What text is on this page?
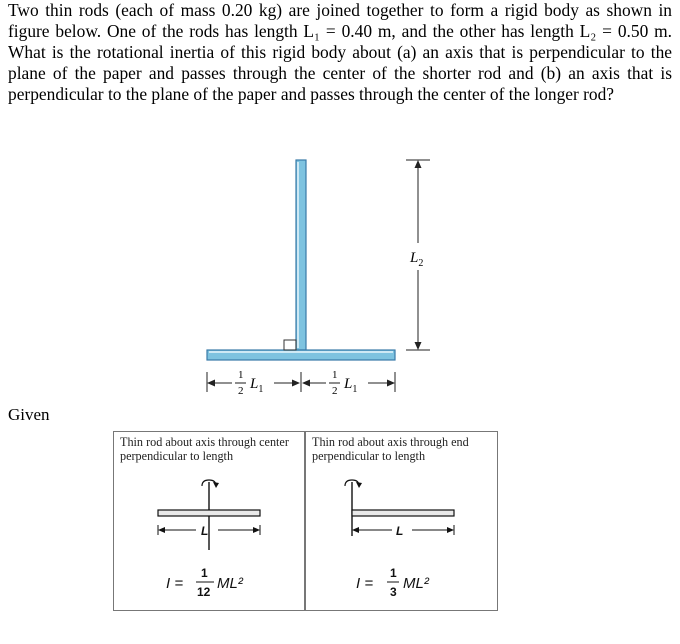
Two thin rods (each of mass 0.20 kg) are joined together to form a rigid body as shown in figure below. One of the rods has length L₁ = 0.40 m, and the other has length L₂ = 0.50 m. What is the rotational inertia of this rigid body about (a) an axis that is perpendicular to the plane of the paper and passes through the center of the shorter rod and (b) an axis that is perpendicular to the plane of the paper and passes through the center of the longer rod?
$L_2$
1
2 $L_1$
1
2 $L_1$
Given
Thin rod about axis through center perpendicular to length
L
I =
1
12 ML²
Thin rod about axis through end perpendicular to length
L
I =
1
3 ML²
